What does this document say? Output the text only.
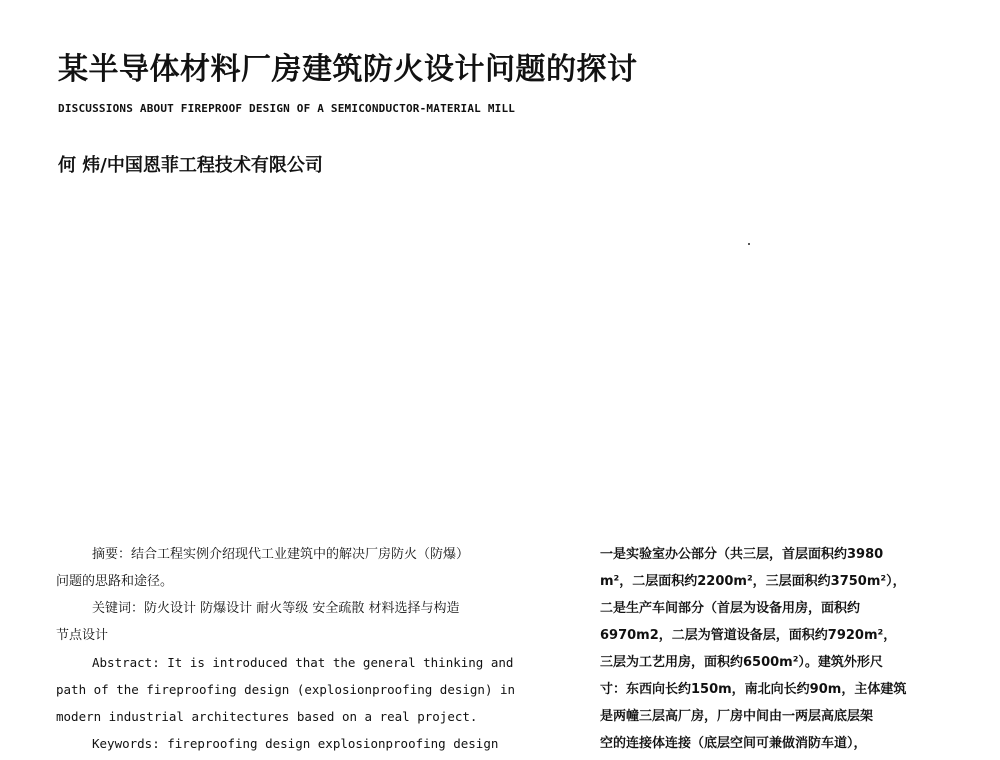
某半导体材料厂房建筑防火设计问题的探讨
DISCUSSIONS ABOUT FIREPROOF DESIGN OF A SEMICONDUCTOR-MATERIAL MILL
何 炜/中国恩菲工程技术有限公司

摘要：结合工程实例介绍现代工业建筑中的解决厂房防火（防爆）
问题的思路和途径。

关键词：防火设计 防爆设计 耐火等级 安全疏散 材料选择与构造
节点设计

Abstract: It is introduced that the general thinking and
path of the fireproofing design (explosionproofing design) in
modern industrial architectures based on a real project.

Keywords: fireproofing design explosionproofing design

一是实验室办公部分（共三层，首层面积约3980
m²，二层面积约2200m²，三层面积约3750m²），
二是生产车间部分（首层为设备用房，面积约
6970m2，二层为管道设备层，面积约7920m²，
三层为工艺用房，面积约6500m²）。建筑外形尺
寸：东西向长约150m，南北向长约90m，主体建筑
是两幢三层高厂房，厂房中间由一两层高底层架
空的连接体连接（底层空间可兼做消防车道），
